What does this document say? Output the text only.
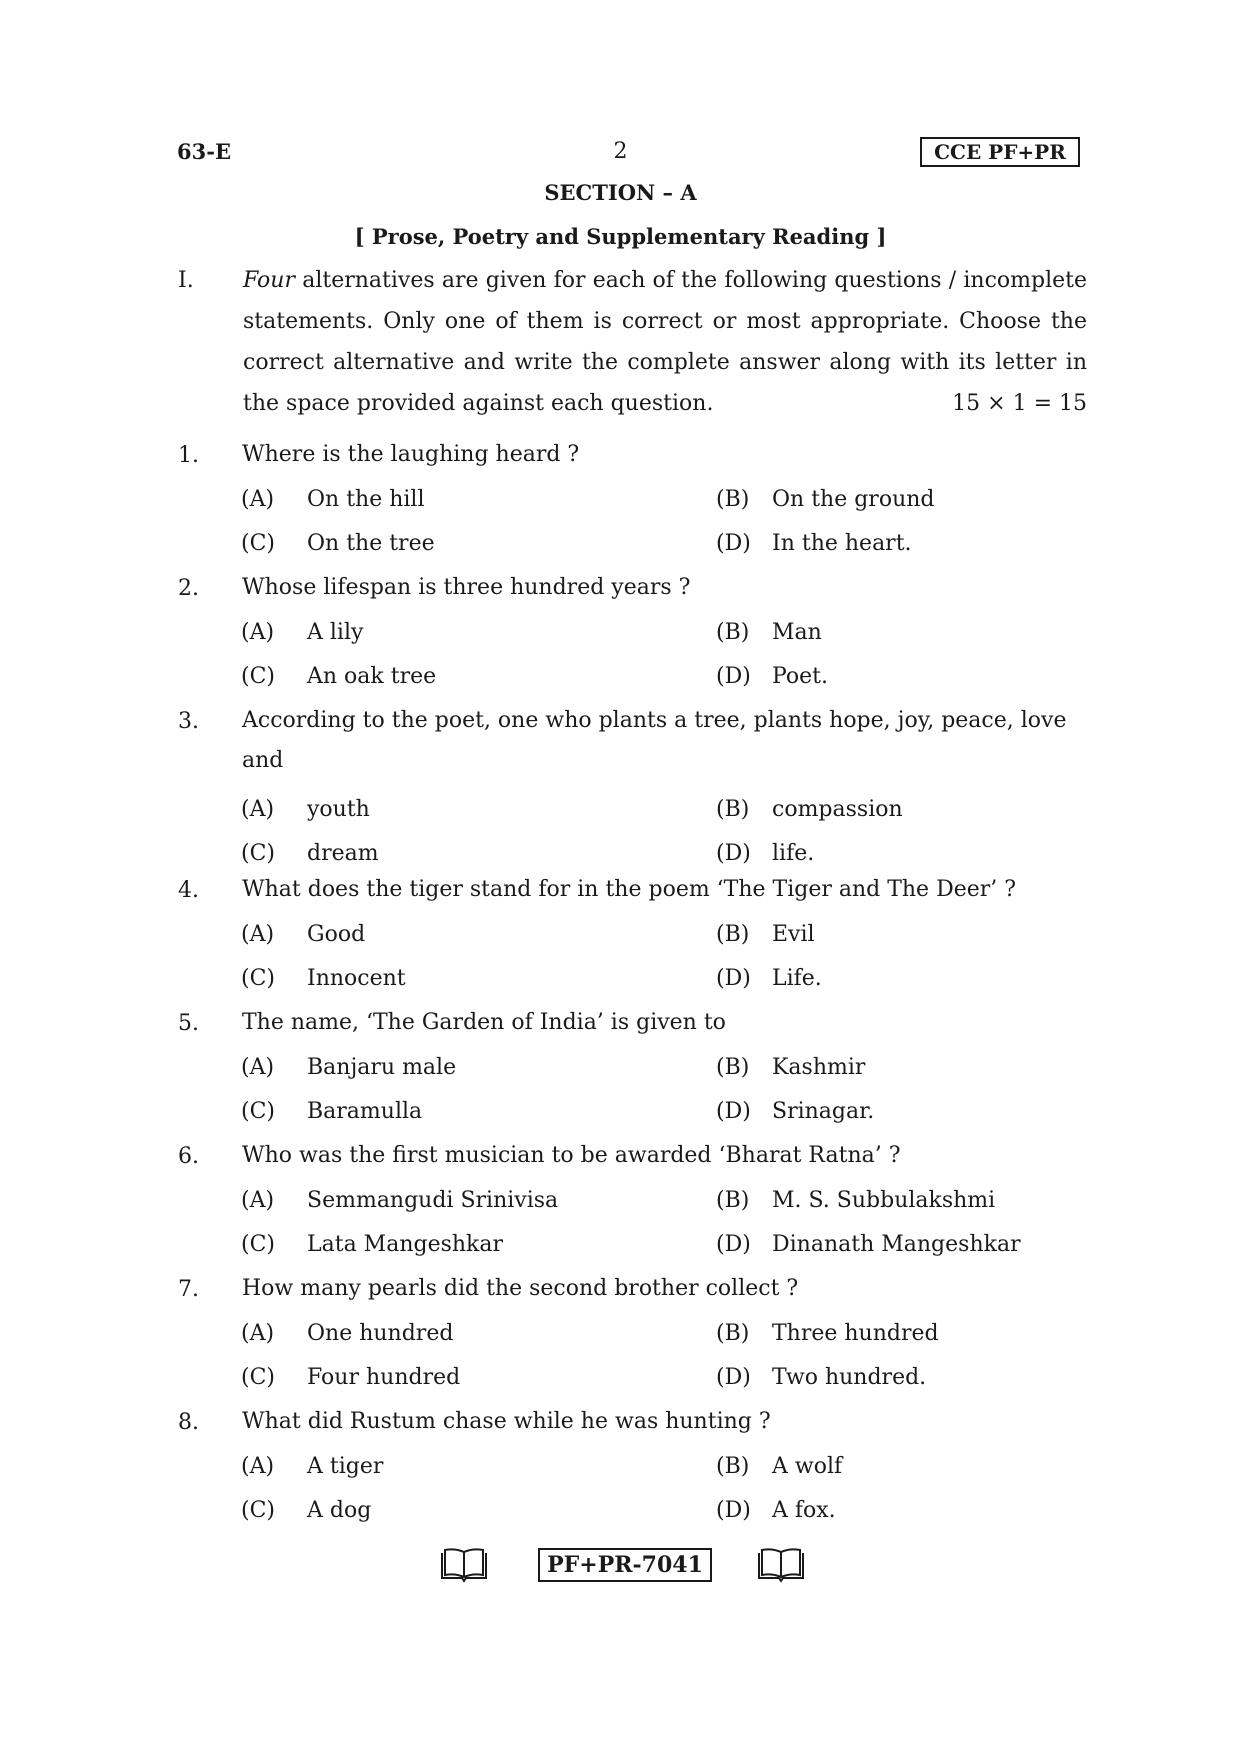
63-E	2	CCE PF+PR
SECTION – A
[ Prose, Poetry and Supplementary Reading ]
I. Four alternatives are given for each of the following questions / incomplete statements. Only one of them is correct or most appropriate. Choose the correct alternative and write the complete answer along with its letter in the space provided against each question.	15 × 1 = 15
1. Where is the laughing heard ?
(A) On the hill	(B) On the ground
(C) On the tree	(D) In the heart.
2. Whose lifespan is three hundred years ?
(A) A lily	(B) Man
(C) An oak tree	(D) Poet.
3. According to the poet, one who plants a tree, plants hope, joy, peace, love and
(A) youth	(B) compassion
(C) dream	(D) life.
4. What does the tiger stand for in the poem ‘The Tiger and The Deer’ ?
(A) Good	(B) Evil
(C) Innocent	(D) Life.
5. The name, ‘The Garden of India’ is given to
(A) Banjaru male	(B) Kashmir
(C) Baramulla	(D) Srinagar.
6. Who was the first musician to be awarded ‘Bharat Ratna’ ?
(A) Semmangudi Srinivisa	(B) M. S. Subbulakshmi
(C) Lata Mangeshkar	(D) Dinanath Mangeshkar
7. How many pearls did the second brother collect ?
(A) One hundred	(B) Three hundred
(C) Four hundred	(D) Two hundred.
8. What did Rustum chase while he was hunting ?
(A) A tiger	(B) A wolf
(C) A dog	(D) A fox.
PF+PR-7041
